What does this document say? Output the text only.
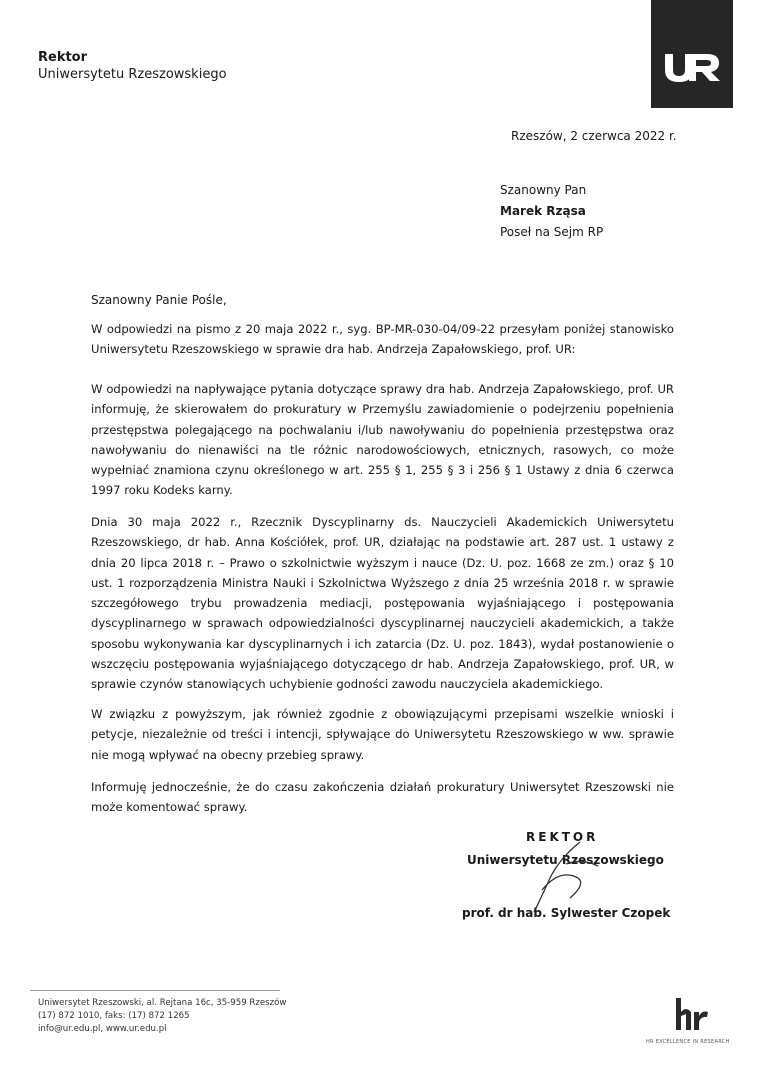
Rektor
Uniwersytetu Rzeszowskiego
Rzeszów, 2 czerwca 2022 r.
Szanowny Pan
Marek Rząsa
Poseł na Sejm RP
Szanowny Panie Pośle,

W odpowiedzi na pismo z 20 maja 2022 r., syg. BP-MR-030-04/09-22 przesyłam poniżej stanowisko Uniwersytetu Rzeszowskiego w sprawie dra hab. Andrzeja Zapałowskiego, prof. UR:

W odpowiedzi na napływające pytania dotyczące sprawy dra hab. Andrzeja Zapałowskiego, prof. UR informuję, że skierowałem do prokuratury w Przemyślu zawiadomienie o podejrzeniu popełnienia przestępstwa polegającego na pochwalaniu i/lub nawoływaniu do popełnienia przestępstwa oraz nawoływaniu do nienawiści na tle różnic narodowościowych, etnicznych, rasowych, co może wypełniać znamiona czynu określonego w art. 255 § 1, 255 § 3 i 256 § 1 Ustawy z dnia 6 czerwca 1997 roku Kodeks karny.

Dnia 30 maja 2022 r., Rzecznik Dyscyplinarny ds. Nauczycieli Akademickich Uniwersytetu Rzeszowskiego, dr hab. Anna Kościółek, prof. UR, działając na podstawie art. 287 ust. 1 ustawy z dnia 20 lipca 2018 r. – Prawo o szkolnictwie wyższym i nauce (Dz. U. poz. 1668 ze zm.) oraz § 10 ust. 1 rozporządzenia Ministra Nauki i Szkolnictwa Wyższego z dnia 25 września 2018 r. w sprawie szczegółowego trybu prowadzenia mediacji, postępowania wyjaśniającego i postępowania dyscyplinarnego w sprawach odpowiedzialności dyscyplinarnej nauczycieli akademickich, a także sposobu wykonywania kar dyscyplinarnych i ich zatarcia (Dz. U. poz. 1843), wydał postanowienie o wszczęciu postępowania wyjaśniającego dotyczącego dr hab. Andrzeja Zapałowskiego, prof. UR, w sprawie czynów stanowiących uchybienie godności zawodu nauczyciela akademickiego.

W związku z powyższym, jak również zgodnie z obowiązującymi przepisami wszelkie wnioski i petycje, niezależnie od treści i intencji, spływające do Uniwersytetu Rzeszowskiego w ww. sprawie nie mogą wpływać na obecny przebieg sprawy.

Informuję jednocześnie, że do czasu zakończenia działań prokuratury Uniwersytet Rzeszowski nie może komentować sprawy.

REKTOR
Uniwersytetu Rzeszowskiego
prof. dr hab. Sylwester Czopek
Uniwersytet Rzeszowski, al. Rejtana 16c, 35-959 Rzeszów
(17) 872 1010, faks: (17) 872 1265
info@ur.edu.pl, www.ur.edu.pl
HR EXCELLENCE IN RESEARCH
